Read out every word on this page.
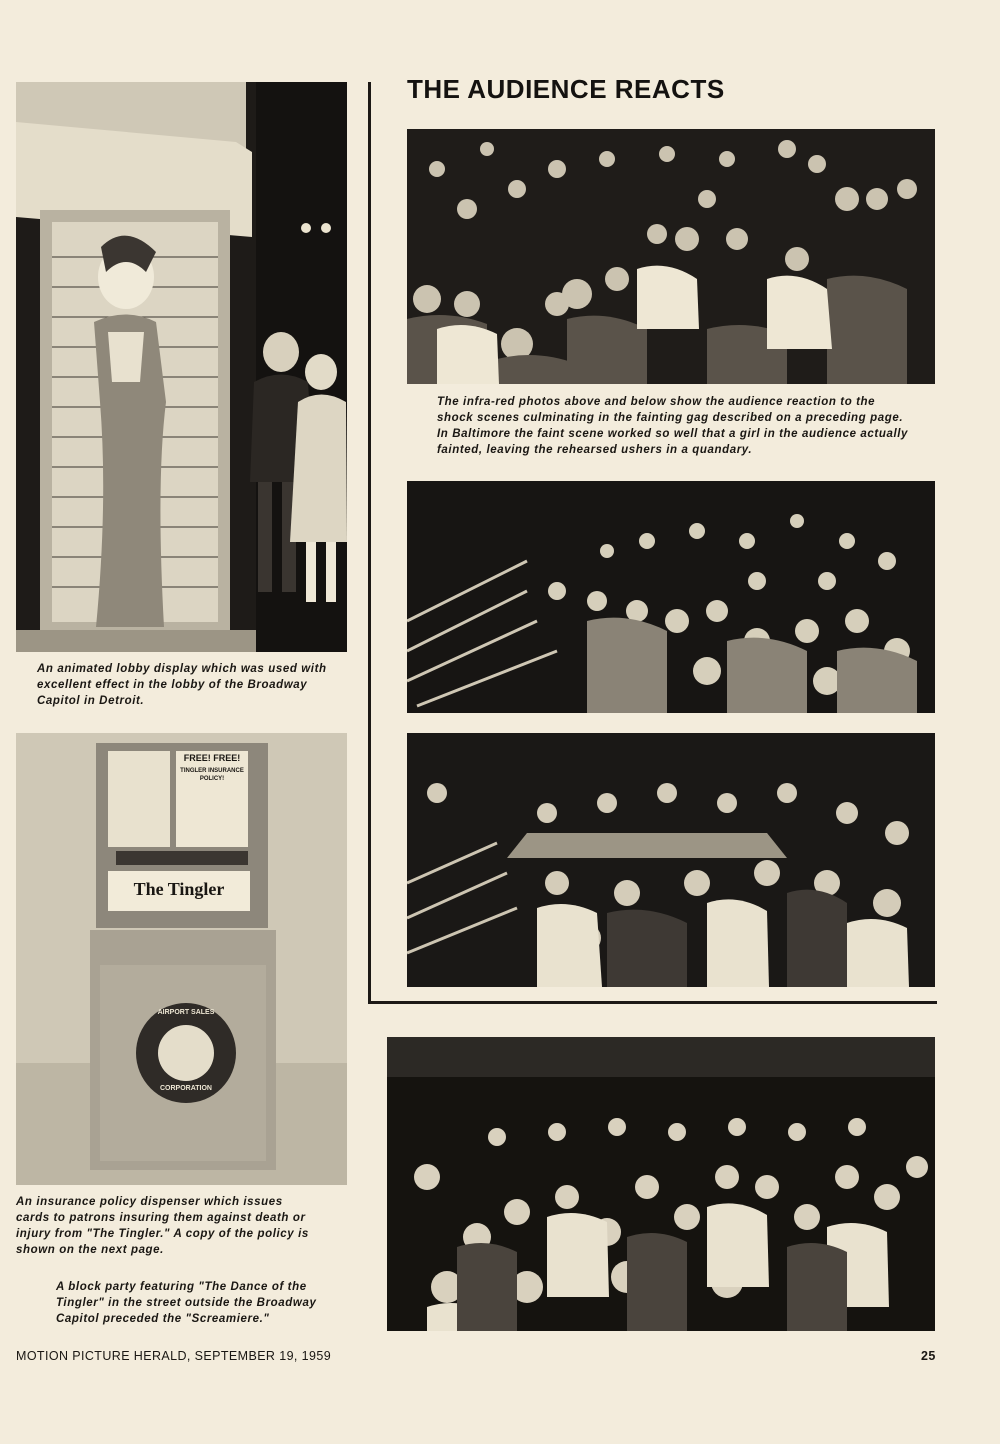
THE AUDIENCE REACTS

An animated lobby display which was used with excellent effect in the lobby of the Broadway Capitol in Detroit.

The infra-red photos above and below show the audience reaction to the shock scenes culminating in the fainting gag described on a preceding page. In Baltimore the faint scene worked so well that a girl in the audience actually fainted, leaving the rehearsed ushers in a quandary.

FREE! FREE!
TINGLER INSURANCE POLICY!
The Tingler
AIRPORT SALES
CORPORATION

An insurance policy dispenser which issues cards to patrons insuring them against death or injury from "The Tingler." A copy of the policy is shown on the next page.

A block party featuring "The Dance of the Tingler" in the street outside the Broadway Capitol preceded the "Screamiere."

MOTION PICTURE HERALD, SEPTEMBER 19, 1959	25
